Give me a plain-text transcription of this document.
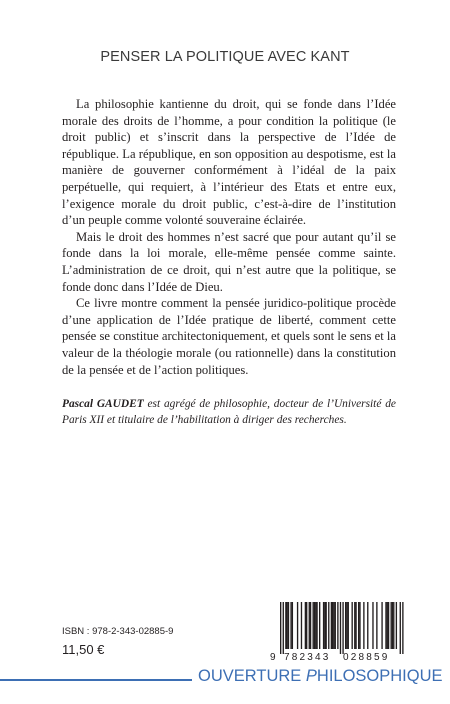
PENSER LA POLITIQUE AVEC KANT

La philosophie kantienne du droit, qui se fonde dans l’Idée morale des droits de l’homme, a pour condition la politique (le droit public) et s’inscrit dans la perspective de l’Idée de république. La république, en son opposition au despotisme, est la manière de gouverner conformément à l’idéal de la paix perpétuelle, qui requiert, à l’intérieur des Etats et entre eux, l’exigence morale du droit public, c’est-à-dire de l’institution d’un peuple comme volonté souveraine éclairée.

Mais le droit des hommes n’est sacré que pour autant qu’il se fonde dans la loi morale, elle-même pensée comme sainte. L’administration de ce droit, qui n’est autre que la politique, se fonde donc dans l’Idée de Dieu.

Ce livre montre comment la pensée juridico-politique procède d’une application de l’Idée pratique de liberté, comment cette pensée se constitue architectoniquement, et quels sont le sens et la valeur de la théologie morale (ou rationnelle) dans la constitution de la pensée et de l’action politiques.

Pascal GAUDET est agrégé de philosophie, docteur de l’Université de Paris XII et titulaire de l’habilitation à diriger des recherches.
ISBN : 978-2-343-02885-9
11,50 €
9 782343 028859
OUVERTURE PHILOSOPHIQUE
